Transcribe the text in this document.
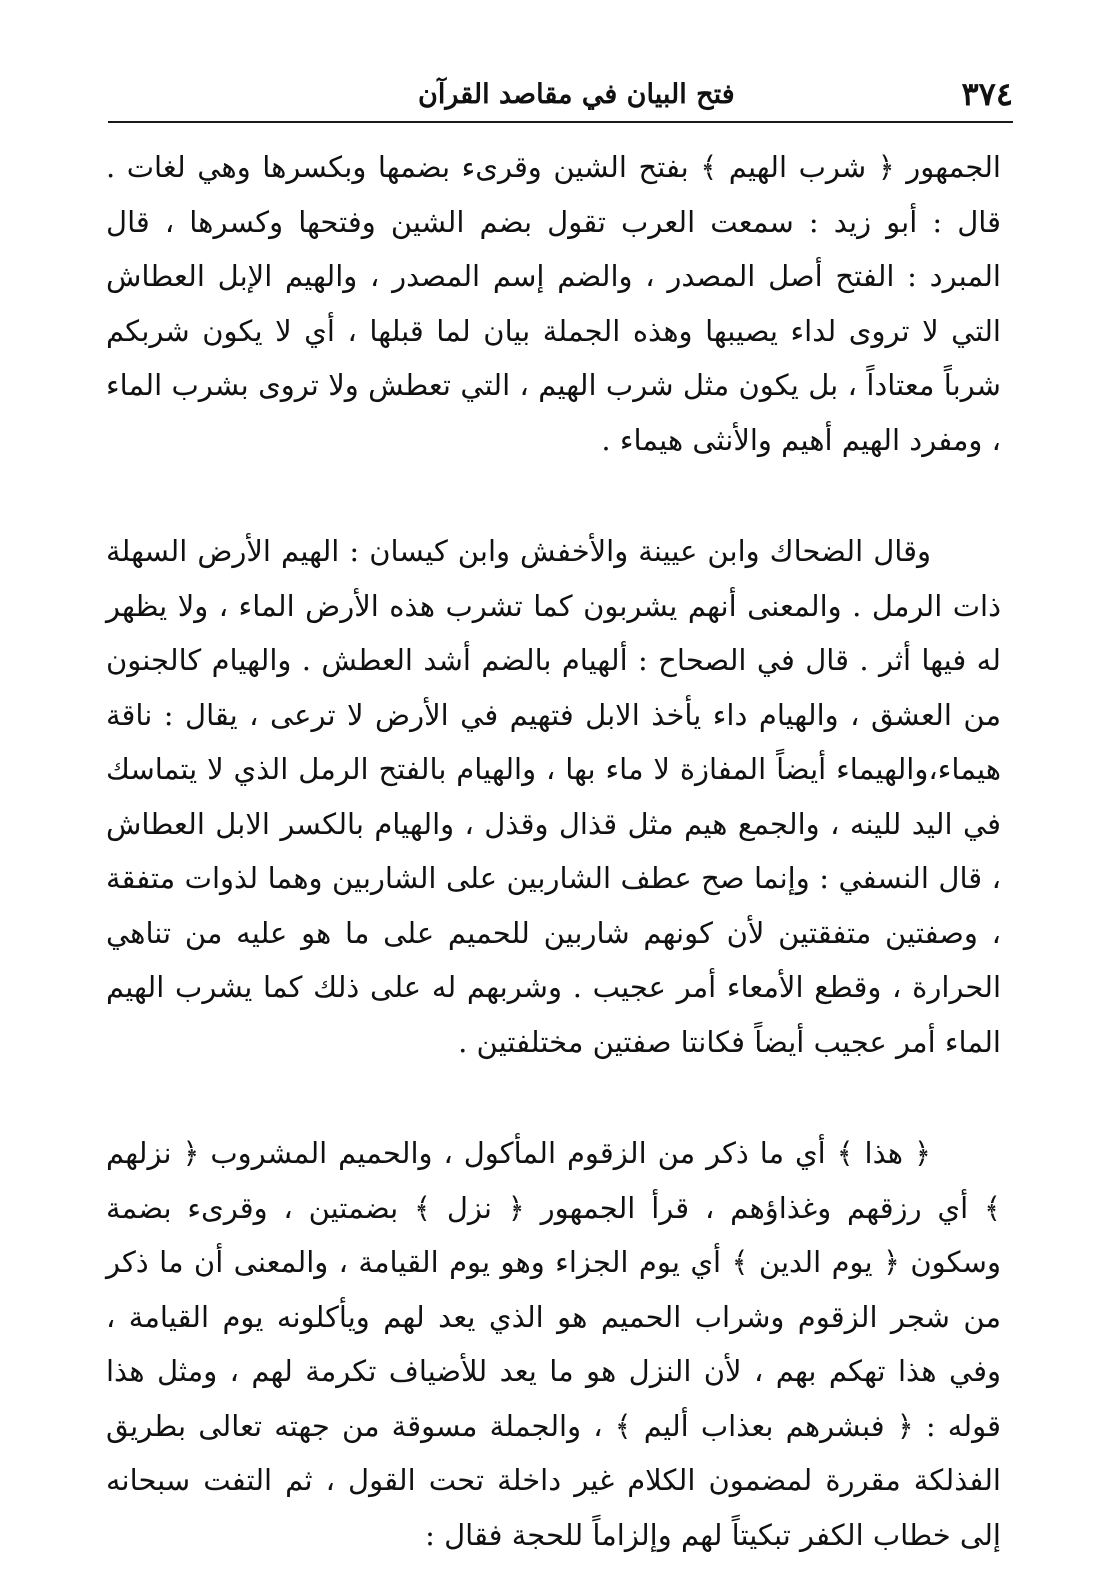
٣٧٤
فتح البيان في مقاصد القرآن

الجمهور ﴿ شرب الهيم ﴾ بفتح الشين وقرىء بضمها وبكسرها وهي لغات . قال : أبو زيد : سمعت العرب تقول بضم الشين وفتحها وكسرها ، قال المبرد : الفتح أصل المصدر ، والضم إسم المصدر ، والهيم الإبل العطاش التي لا تروى لداء يصيبها وهذه الجملة بيان لما قبلها ، أي لا يكون شربكم شرباً معتاداً ، بل يكون مثل شرب الهيم ، التي تعطش ولا تروى بشرب الماء ، ومفرد الهيم أهيم والأنثى هيماء .

وقال الضحاك وابن عيينة والأخفش وابن كيسان : الهيم الأرض السهلة ذات الرمل . والمعنى أنهم يشربون كما تشرب هذه الأرض الماء ، ولا يظهر له فيها أثر . قال في الصحاح : ألهيام بالضم أشد العطش . والهيام كالجنون من العشق ، والهيام داء يأخذ الابل فتهيم في الأرض لا ترعى ، يقال : ناقة هيماء،والهيماء أيضاً المفازة لا ماء بها ، والهيام بالفتح الرمل الذي لا يتماسك في اليد للينه ، والجمع هيم مثل قذال وقذل ، والهيام بالكسر الابل العطاش ، قال النسفي : وإنما صح عطف الشاربين على الشاربين وهما لذوات متفقة ، وصفتين متفقتين لأن كونهم شاربين للحميم على ما هو عليه من تناهي الحرارة ، وقطع الأمعاء أمر عجيب . وشربهم له على ذلك كما يشرب الهيم الماء أمر عجيب أيضاً فكانتا صفتين مختلفتين .

﴿ هذا ﴾ أي ما ذكر من الزقوم المأكول ، والحميم المشروب ﴿ نزلهم ﴾ أي رزقهم وغذاؤهم ، قرأ الجمهور ﴿ نزل ﴾ بضمتين ، وقرىء بضمة وسكون ﴿ يوم الدين ﴾ أي يوم الجزاء وهو يوم القيامة ، والمعنى أن ما ذكر من شجر الزقوم وشراب الحميم هو الذي يعد لهم ويأكلونه يوم القيامة ، وفي هذا تهكم بهم ، لأن النزل هو ما يعد للأضياف تكرمة لهم ، ومثل هذا قوله : ﴿ فبشرهم بعذاب أليم ﴾ ، والجملة مسوقة من جهته تعالى بطريق الفذلكة مقررة لمضمون الكلام غير داخلة تحت القول ، ثم التفت سبحانه إلى خطاب الكفر تبكيتاً لهم وإلزاماً للحجة فقال :
